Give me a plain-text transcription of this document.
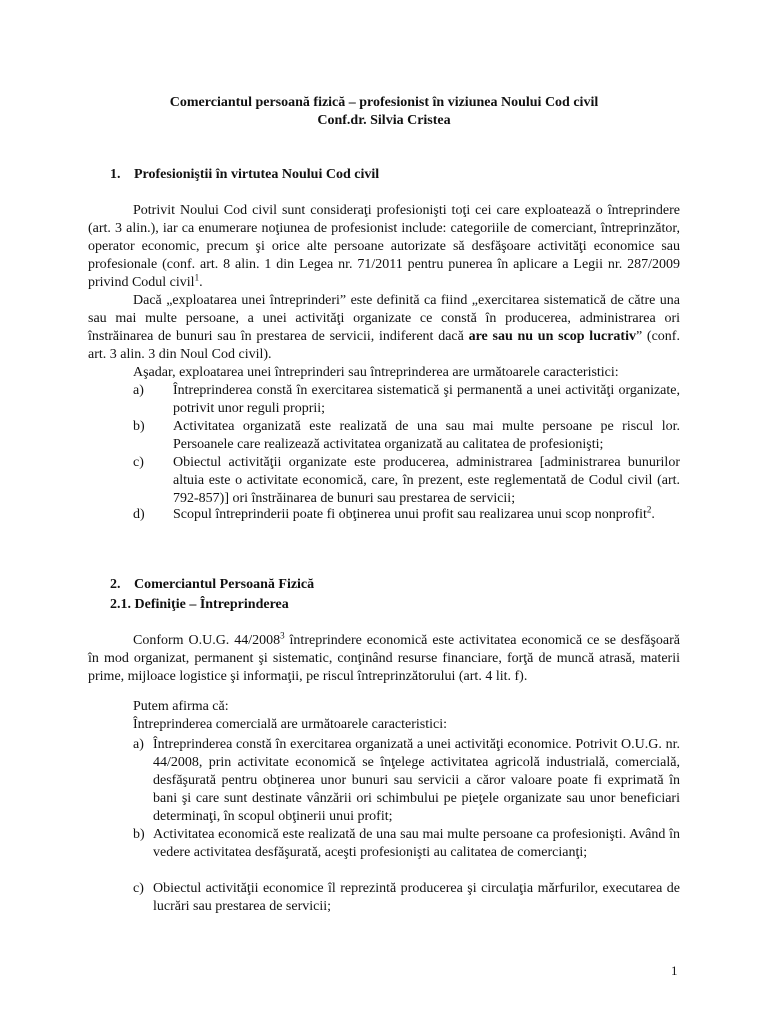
Comerciantul persoană fizică – profesionist în viziunea Noului Cod civil
Conf.dr. Silvia Cristea
1. Profesioniştii în virtutea Noului Cod civil

Potrivit Noului Cod civil sunt consideraţi profesionişti toţi cei care exploatează o întreprindere (art. 3 alin.), iar ca enumerare noţiunea de profesionist include: categoriile de comerciant, întreprinzător, operator economic, precum şi orice alte persoane autorizate să desfăşoare activităţi economice sau profesionale (conf. art. 8 alin. 1 din Legea nr. 71/2011 pentru punerea în aplicare a Legii nr. 287/2009 privind Codul civil$^1$.

Dacă „exploatarea unei întreprinderi” este definită ca fiind „exercitarea sistematică de către una sau mai multe persoane, a unei activităţi organizate ce constă în producerea, administrarea ori înstrăinarea de bunuri sau în prestarea de servicii, indiferent dacă are sau nu un scop lucrativ” (conf. art. 3 alin. 3 din Noul Cod civil).

Aşadar, exploatarea unei întreprinderi sau întreprinderea are următoarele caracteristici:
a) Întreprinderea constă în exercitarea sistematică şi permanentă a unei activităţi organizate, potrivit unor reguli proprii;
b) Activitatea organizată este realizată de una sau mai multe persoane pe riscul lor. Persoanele care realizează activitatea organizată au calitatea de profesionişti;
c) Obiectul activităţii organizate este producerea, administrarea [administrarea bunurilor altuia este o activitate economică, care, în prezent, este reglementată de Codul civil (art. 792-857)] ori înstrăinarea de bunuri sau prestarea de servicii;
d) Scopul întreprinderii poate fi obţinerea unui profit sau realizarea unui scop nonprofit$^2$.
2. Comerciantul Persoană Fizică
2.1. Definiţie – Întreprinderea

Conform O.U.G. 44/2008$^3$ întreprindere economică este activitatea economică ce se desfăşoară în mod organizat, permanent şi sistematic, conţinând resurse financiare, forţă de muncă atrasă, materii prime, mijloace logistice şi informaţii, pe riscul întreprinzătorului (art. 4 lit. f).

Putem afirma că:
Întreprinderea comercială are următoarele caracteristici:
a) Întreprinderea constă în exercitarea organizată a unei activităţi economice. Potrivit O.U.G. nr. 44/2008, prin activitate economică se înţelege activitatea agricolă industrială, comercială, desfăşurată pentru obţinerea unor bunuri sau servicii a căror valoare poate fi exprimată în bani şi care sunt destinate vânzării ori schimbului pe pieţele organizate sau unor beneficiari determinaţi, în scopul obţinerii unui profit;
b) Activitatea economică este realizată de una sau mai multe persoane ca profesionişti. Având în vedere activitatea desfăşurată, aceşti profesionişti au calitatea de comercianţi;
c) Obiectul activităţii economice îl reprezintă producerea şi circulaţia mărfurilor, executarea de lucrări sau prestarea de servicii;
1
